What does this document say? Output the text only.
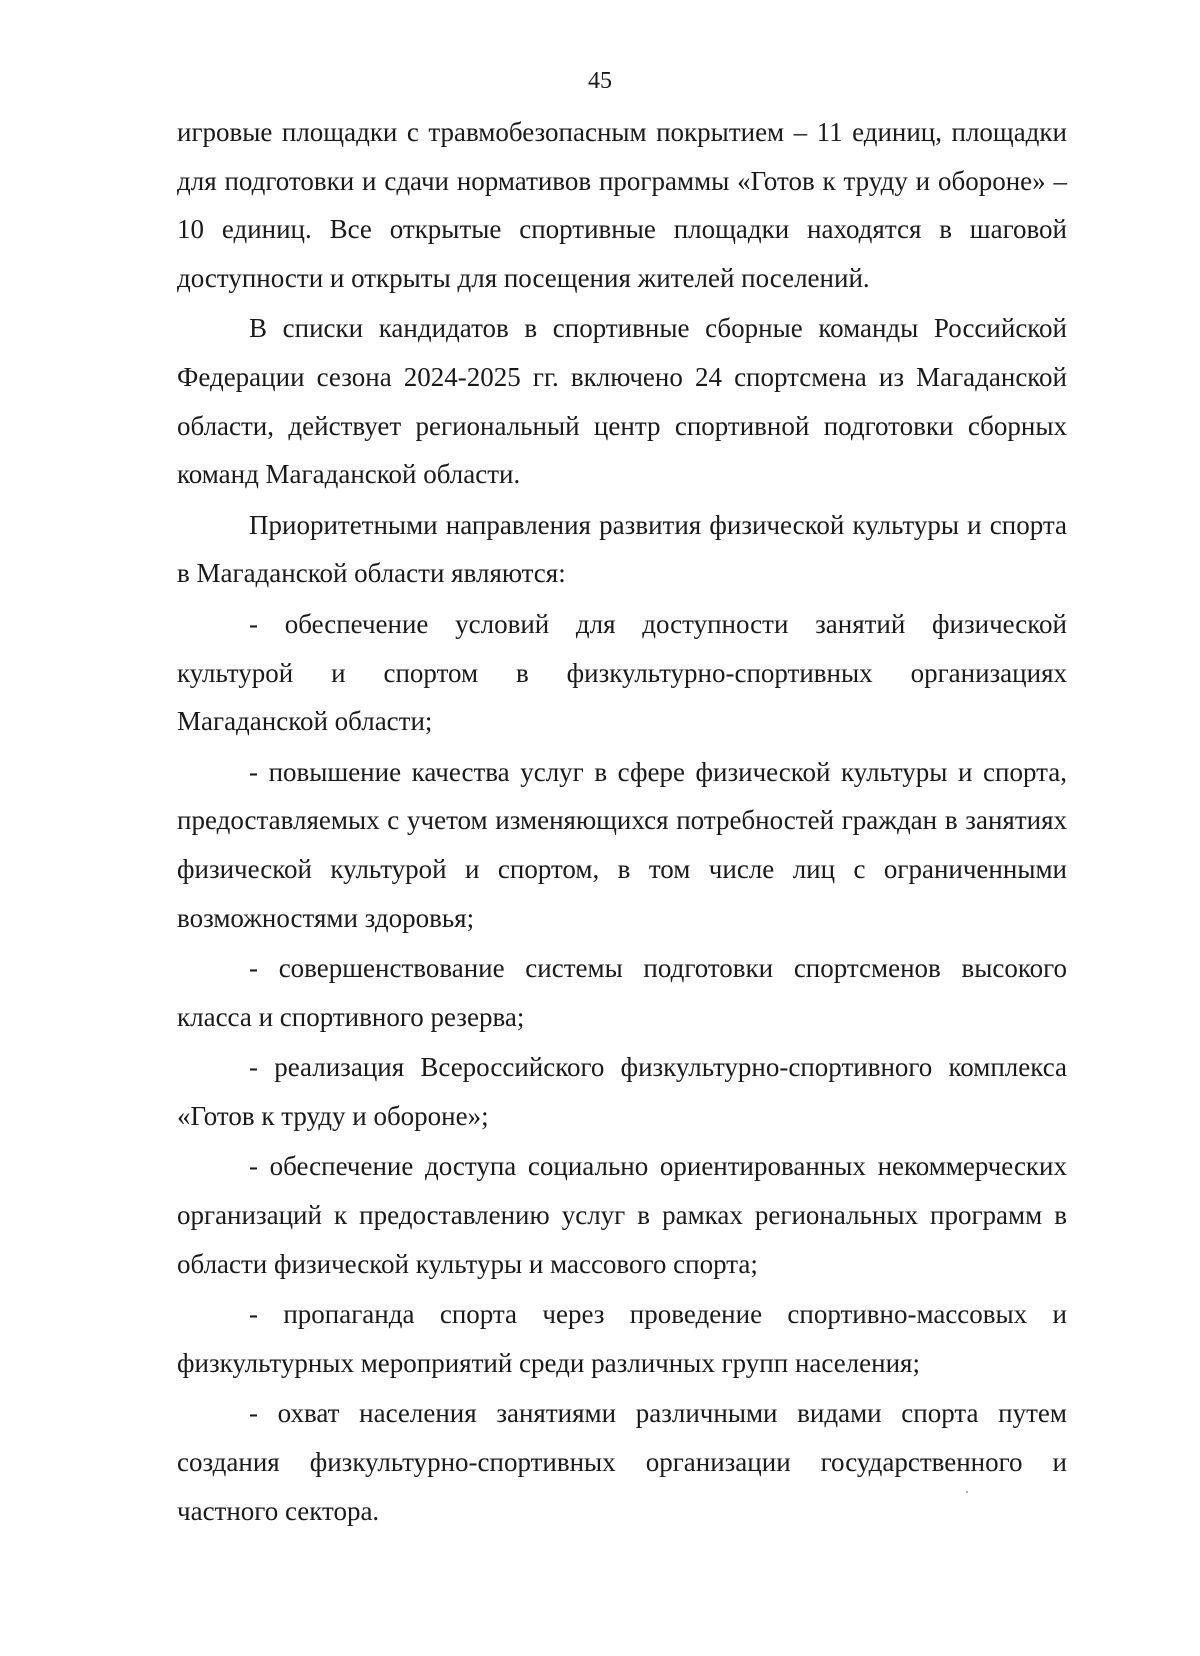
45

игровые площадки с травмобезопасным покрытием – 11 единиц, площадки для подготовки и сдачи нормативов программы «Готов к труду и обороне» – 10 единиц. Все открытые спортивные площадки находятся в шаговой доступности и открыты для посещения жителей поселений.

В списки кандидатов в спортивные сборные команды Российской Федерации сезона 2024-2025 гг. включено 24 спортсмена из Магаданской области, действует региональный центр спортивной подготовки сборных команд Магаданской области.

Приоритетными направления развития физической культуры и спорта в Магаданской области являются:

- обеспечение условий для доступности занятий физической культурой и спортом в физкультурно-спортивных организациях Магаданской области;

- повышение качества услуг в сфере физической культуры и спорта, предоставляемых с учетом изменяющихся потребностей граждан в занятиях физической культурой и спортом, в том числе лиц с ограниченными возможностями здоровья;

- совершенствование системы подготовки спортсменов высокого класса и спортивного резерва;

- реализация Всероссийского физкультурно-спортивного комплекса «Готов к труду и обороне»;

- обеспечение доступа социально ориентированных некоммерческих организаций к предоставлению услуг в рамках региональных программ в области физической культуры и массового спорта;

- пропаганда спорта через проведение спортивно-массовых и физкультурных мероприятий среди различных групп населения;

- охват населения занятиями различными видами спорта путем создания физкультурно-спортивных организации государственного и частного сектора.
